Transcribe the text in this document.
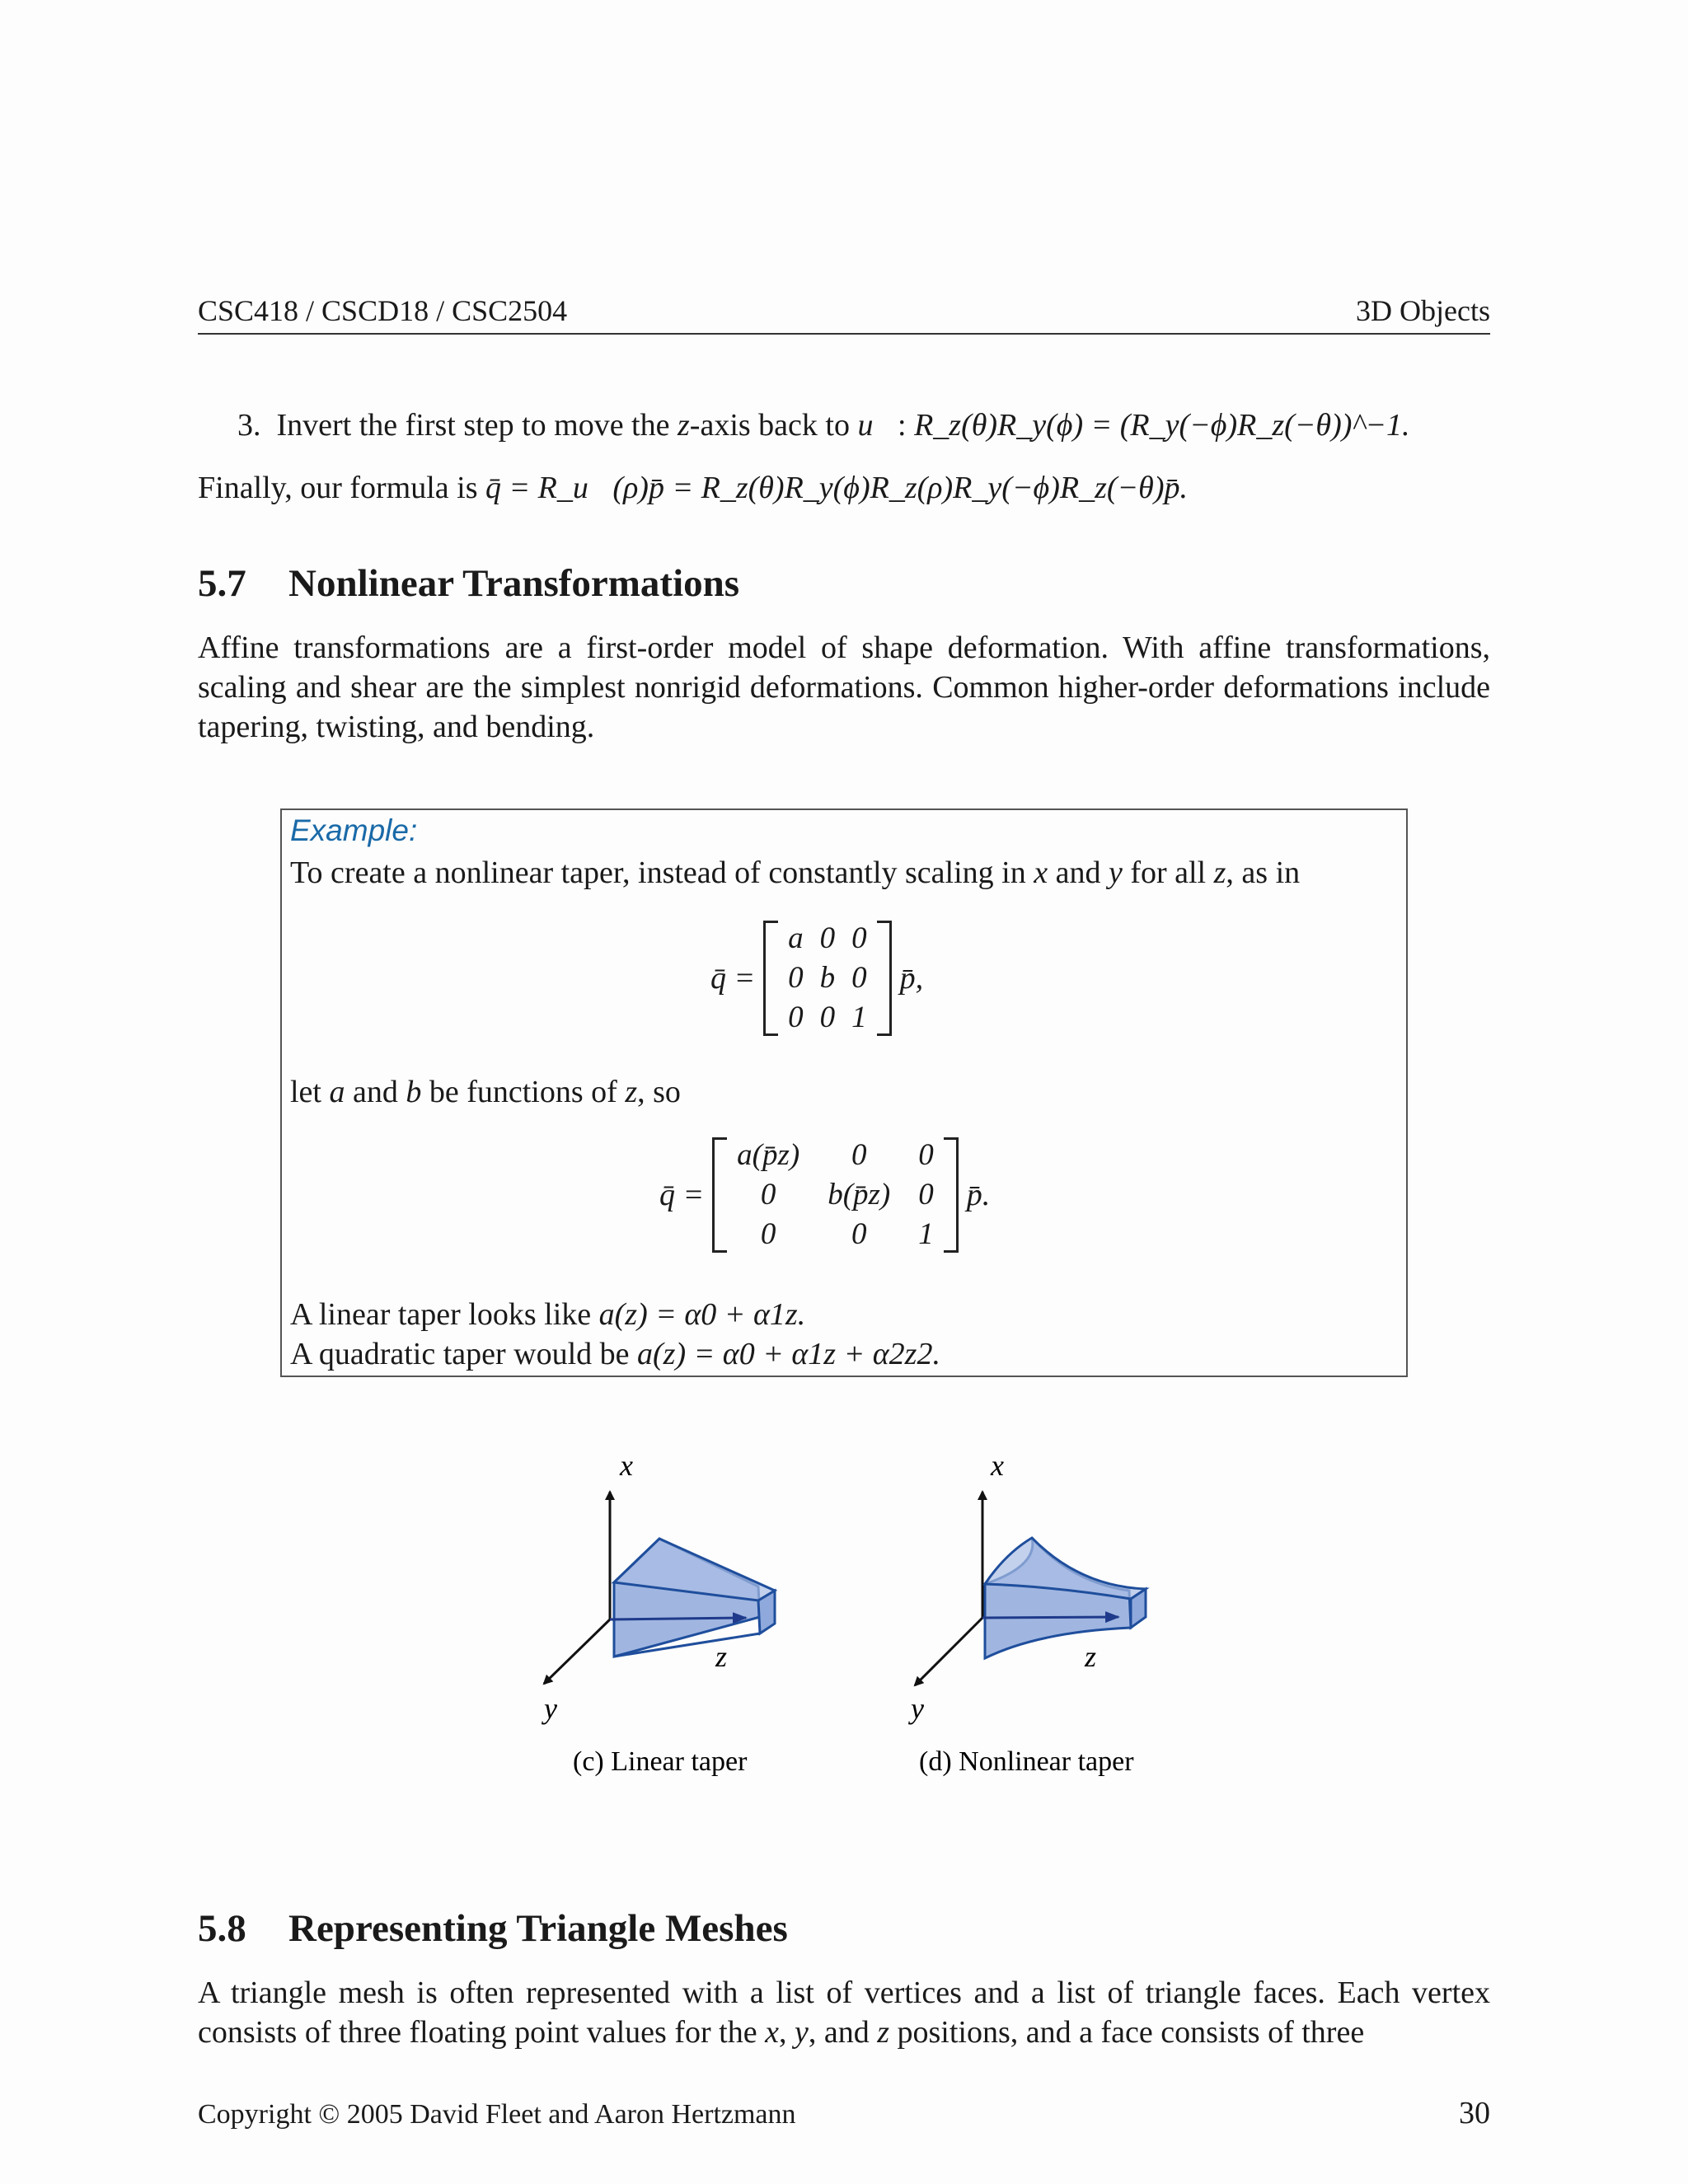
CSC418 / CSCD18 / CSC2504	3D Objects
3. Invert the first step to move the z-axis back to u⃗: R_z(θ)R_y(ϕ) = (R_y(−ϕ)R_z(−θ))^−1.
Finally, our formula is q̄ = R_u⃗(ρ)p̄ = R_z(θ)R_y(ϕ)R_z(ρ)R_y(−ϕ)R_z(−θ)p̄.
5.7 Nonlinear Transformations
Affine transformations are a first-order model of shape deformation. With affine transformations, scaling and shear are the simplest nonrigid deformations. Common higher-order deformations include tapering, twisting, and bending.
Example:
To create a nonlinear taper, instead of constantly scaling in x and y for all z, as in
q̄ =
a 0 0
0 b 0
0 0 1
p̄,
let a and b be functions of z, so
q̄ =
a(p̄z)	0	0
0	b(p̄z) 0
0	0	1
p̄.
A linear taper looks like a(z) = α0 + α1z.
A quadratic taper would be a(z) = α0 + α1z + α2z2.
x
z
y
(c) Linear taper
x
z
y
(d) Nonlinear taper
5.8 Representing Triangle Meshes
A triangle mesh is often represented with a list of vertices and a list of triangle faces. Each vertex consists of three floating point values for the x, y, and z positions, and a face consists of three
Copyright © 2005 David Fleet and Aaron Hertzmann	30
